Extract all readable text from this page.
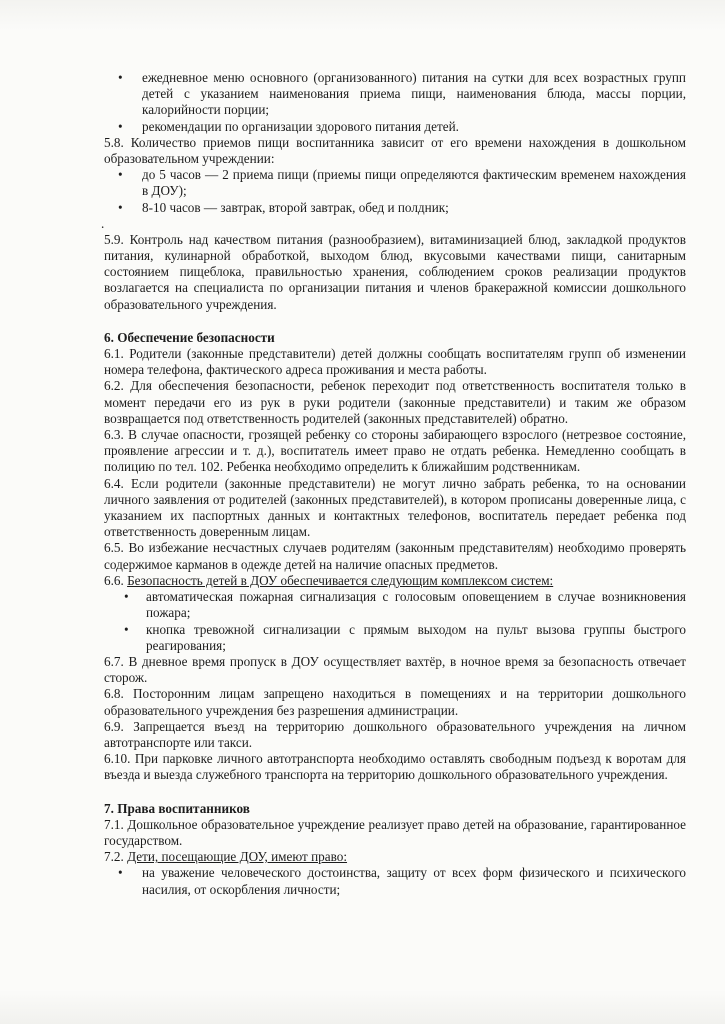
• ежедневное меню основного (организованного) питания на сутки для всех возрастных групп детей с указанием наименования приема пищи, наименования блюда, массы порции, калорийности порции;
• рекомендации по организации здорового питания детей.

5.8. Количество приемов пищи воспитанника зависит от его времени нахождения в дошкольном образовательном учреждении:

• до 5 часов — 2 приема пищи (приемы пищи определяются фактическим временем нахождения в ДОУ);
• 8-10 часов — завтрак, второй завтрак, обед и полдник;
.

5.9. Контроль над качеством питания (разнообразием), витаминизацией блюд, закладкой продуктов питания, кулинарной обработкой, выходом блюд, вкусовыми качествами пищи, санитарным состоянием пищеблока, правильностью хранения, соблюдением сроков реализации продуктов возлагается на специалиста по организации питания и членов бракеражной комиссии дошкольного образовательного учреждения.

6. Обеспечение безопасности

6.1. Родители (законные представители) детей должны сообщать воспитателям групп об изменении номера телефона, фактического адреса проживания и места работы.

6.2. Для обеспечения безопасности, ребенок переходит под ответственность воспитателя только в момент передачи его из рук в руки родители (законные представители) и таким же образом возвращается под ответственность родителей (законных представителей) обратно.

6.3. В случае опасности, грозящей ребенку со стороны забирающего взрослого (нетрезвое состояние, проявление агрессии и т. д.), воспитатель имеет право не отдать ребенка. Немедленно сообщать в полицию по тел. 102. Ребенка необходимо определить к ближайшим родственникам.

6.4. Если родители (законные представители) не могут лично забрать ребенка, то на основании личного заявления от родителей (законных представителей), в котором прописаны доверенные лица, с указанием их паспортных данных и контактных телефонов, воспитатель передает ребенка под ответственность доверенным лицам.

6.5. Во избежание несчастных случаев родителям (законным представителям) необходимо проверять содержимое карманов в одежде детей на наличие опасных предметов.

6.6. Безопасность детей в ДОУ обеспечивается следующим комплексом систем:

• автоматическая пожарная сигнализация с голосовым оповещением в случае возникновения пожара;
• кнопка тревожной сигнализации с прямым выходом на пульт вызова группы быстрого реагирования;

6.7. В дневное время пропуск в ДОУ осуществляет вахтёр, в ночное время за безопасность отвечает сторож.

6.8. Посторонним лицам запрещено находиться в помещениях и на территории дошкольного образовательного учреждения без разрешения администрации.

6.9. Запрещается въезд на территорию дошкольного образовательного учреждения на личном автотранспорте или такси.

6.10. При парковке личного автотранспорта необходимо оставлять свободным подъезд к воротам для въезда и выезда служебного транспорта на территорию дошкольного образовательного учреждения.

7. Права воспитанников

7.1. Дошкольное образовательное учреждение реализует право детей на образование, гарантированное государством.

7.2. Дети, посещающие ДОУ, имеют право:

• на уважение человеческого достоинства, защиту от всех форм физического и психического насилия, от оскорбления личности;
